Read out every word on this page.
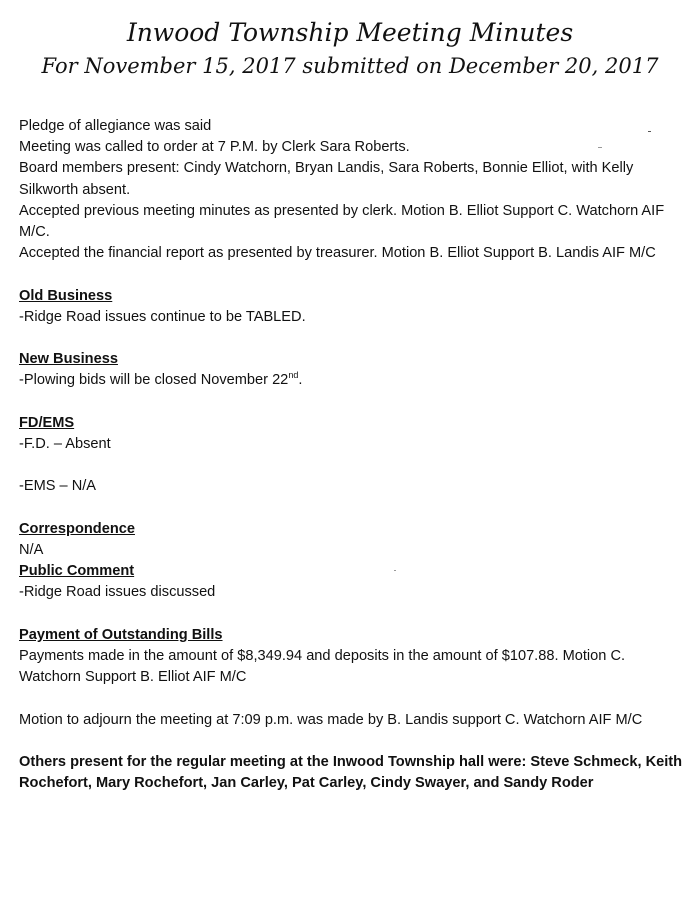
Inwood Township Meeting Minutes
For November 15, 2017 submitted on December 20, 2017

Pledge of allegiance was said

Meeting was called to order at 7 P.M. by Clerk Sara Roberts.

Board members present: Cindy Watchorn, Bryan Landis, Sara Roberts, Bonnie Elliot, with Kelly Silkworth absent.

Accepted previous meeting minutes as presented by clerk. Motion B. Elliot Support C. Watchorn AIF M/C.

Accepted the financial report as presented by treasurer. Motion B. Elliot Support B. Landis AIF M/C

Old Business

-Ridge Road issues continue to be TABLED.

New Business

-Plowing bids will be closed November 22nd.

FD/EMS

-F.D. – Absent

-EMS – N/A

Correspondence

N/A

Public Comment

-Ridge Road issues discussed

Payment of Outstanding Bills

Payments made in the amount of $8,349.94 and deposits in the amount of $107.88. Motion C. Watchorn Support B. Elliot AIF M/C

Motion to adjourn the meeting at 7:09 p.m. was made by B. Landis support C. Watchorn AIF M/C

Others present for the regular meeting at the Inwood Township hall were: Steve Schmeck, Keith Rochefort, Mary Rochefort, Jan Carley, Pat Carley, Cindy Swayer, and Sandy Roder
